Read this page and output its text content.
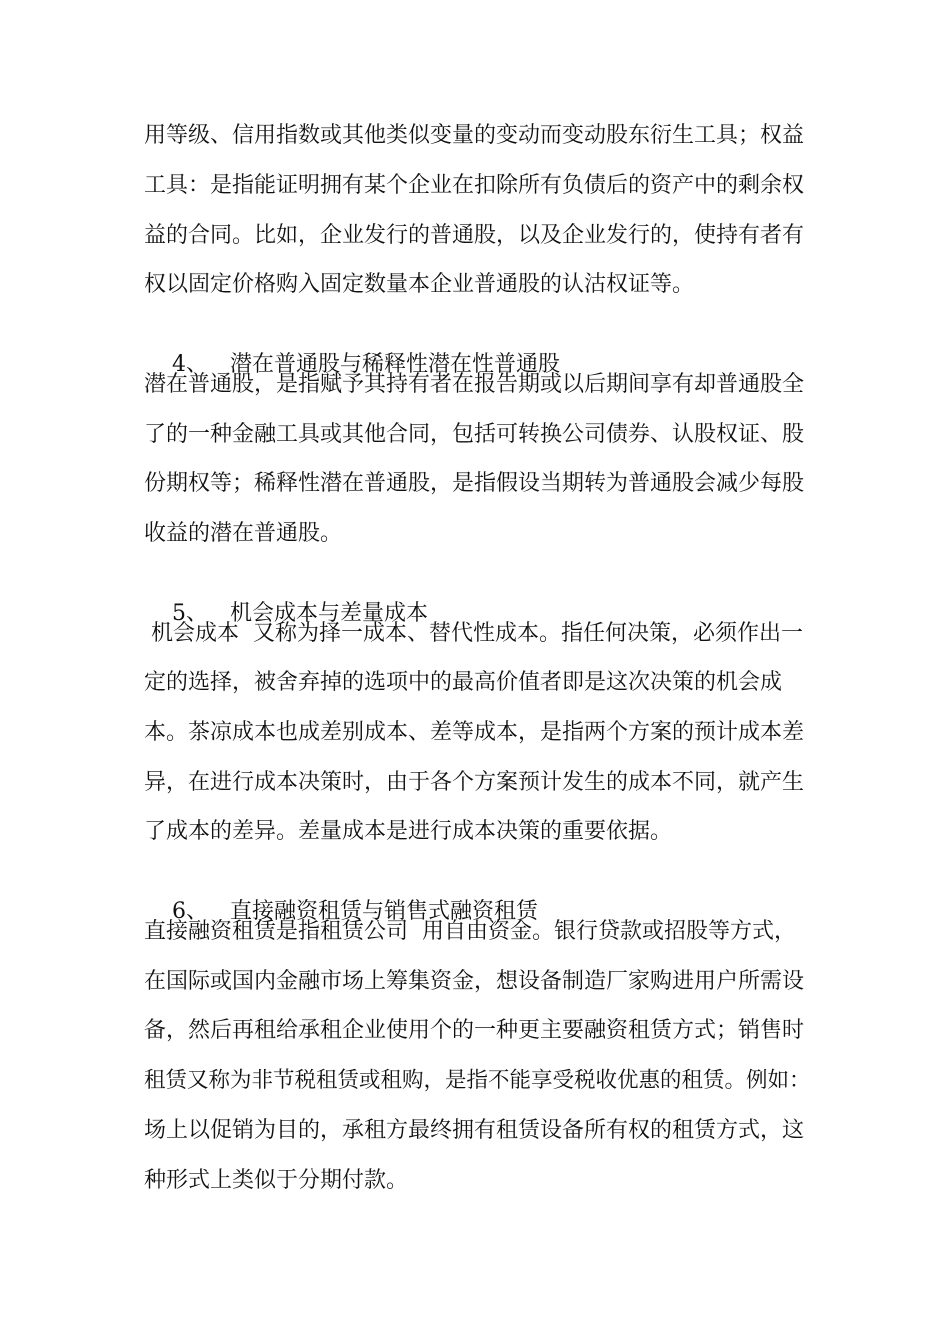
用等级、信用指数或其他类似变量的变动而变动股东衍生工具；权益
工具：是指能证明拥有某个企业在扣除所有负债后的资产中的剩余权
益的合同。比如，企业发行的普通股，以及企业发行的，使持有者有
权以固定价格购入固定数量本企业普通股的认沽权证等。

4、 潜在普通股与稀释性潜在性普通股

潜在普通股，是指赋予其持有者在报告期或以后期间享有却普通股全
了的一种金融工具或其他合同，包括可转换公司债券、认股权证、股
份期权等；稀释性潜在普通股，是指假设当期转为普通股会减少每股
收益的潜在普通股。

5、 机会成本与差量成本

机会成本  又称为择一成本、替代性成本。指任何决策，必须作出一
定的选择，被舍弃掉的选项中的最高价值者即是这次决策的机会成
本。茶凉成本也成差别成本、差等成本，是指两个方案的预计成本差
异，在进行成本决策时，由于各个方案预计发生的成本不同，就产生
了成本的差异。差量成本是进行成本决策的重要依据。

6、 直接融资租赁与销售式融资租赁

直接融资租赁是指租赁公司  用自由资金。银行贷款或招股等方式，
在国际或国内金融市场上筹集资金，想设备制造厂家购进用户所需设
备，然后再租给承租企业使用个的一种更主要融资租赁方式；销售时
租赁又称为非节税租赁或租购，是指不能享受税收优惠的租赁。例如：
场上以促销为目的，承租方最终拥有租赁设备所有权的租赁方式，这
种形式上类似于分期付款。
